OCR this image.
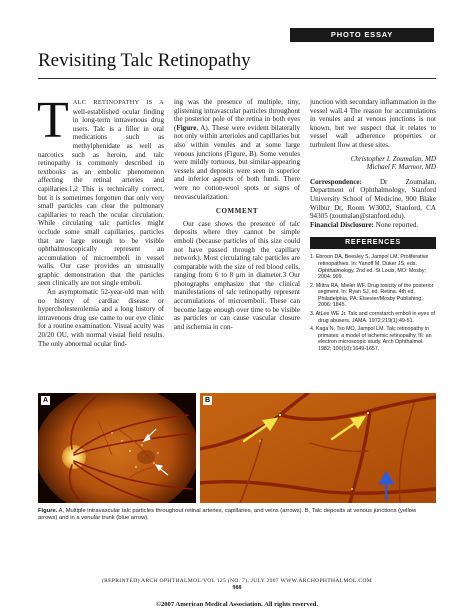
PHOTO ESSAY
Revisiting Talc Retinopathy

TALC RETINOPATHY IS A well-established ocular finding in long-term intravenous drug users. Talc is a filler in oral medications such as methylphenidate as well as narcotics such as heroin, and talc retinopathy is commonly described in textbooks as an embolic phenomenon affecting the retinal arteries and capillaries.1,2 This is technically correct, but it is sometimes forgotten that only very small particles can clear the pulmonary capillaries to reach the ocular circulation. While circulating talc particles might occlude some small capillaries, particles that are large enough to be visible ophthalmoscopically represent an accumulation of microemboli in vessel walls. Our case provides an unusually graphic demonstration that the particles seen clinically are not single emboli.

An asymptomatic 52-year-old man with no history of cardiac disease or hypercholesterolemia and a long history of intravenous drug use came to our eye clinic for a routine examination. Visual acuity was 20/20 OU, with normal visual field results. The only abnormal ocular find-

ing was the presence of multiple, tiny, glistening intravascular particles throughout the posterior pole of the retina in both eyes (Figure, A). These were evident bilaterally not only within arterioles and capillaries but also within venules and at some large venous junctions (Figure, B). Some venules were mildly tortuous, but similar-appearing vessels and deposits were seen in superior and inferior aspects of both fundi. There were no cotton-wool spots or signs of neovascularization.

COMMENT

Our case shows the presence of talc deposits where they cannot be simple emboli (because particles of this size could not have passed through the capillary network). Most circulating talc particles are comparable with the size of red blood cells, ranging from 6 to 8 μm in diameter.3 Our photographs emphasize that the clinical manifestations of talc retinopathy represent accumulations of microemboli. These can become large enough over time to be visible as particles or can cause vascular closure and ischemia in con-

junction with secondary inflammation in the vessel wall.4 The reason for accumulations in venules and at venous junctions is not known, but we suspect that it relates to vessel wall adherence properties or turbulent flow at these sites.

Christopher I. Zoumalan, MD
Michael F. Marmor, MD

Correspondence:	Dr Zoumalan, Department of Ophthalmology, Stanford University School of Medicine, 900 Blake Wilbur Dr, Room W3002, Stanford, CA 94305 (zoumalan@stanford.edu).

Financial Disclosure: None reported.

REFERENCES
1. Ebroon DA, Beesley S, Jampol LM. Proliferative retinopathies. In: Yanoff M, Duker JS, eds. Ophthalmology. 2nd ed. St Louis, MO: Mosby; 2004: 909.
2. Mittra RA, Mieler WF. Drug toxicity of the posterior segment. In: Ryan SJ, ed. Retina. 4th ed. Philadelphia, PA: Elsevier/Mosby Publishing; 2006: 1845.
3. AtLee WE Jr. Talc and cornstarch emboli in eyes of drug abusers. JAMA. 1972;219(1):49-51.
4. Kaga N, Tso MO, Jampol LM. Talc retinopathy in primates: a model of ischemic retinopathy, III: an electron microscopic study. Arch Ophthalmol. 1982; 100(10):1649-1657.
A	B

Figure. A, Multiple intravascular talc particles throughout retinal arteries, capillaries, and veins (arrows). B, Talc deposits at venous junctions (yellow arrows) and in a venular trunk (blue arrow).

(REPRINTED) ARCH OPHTHALMOL/VOL 125 (NO. 7), JULY 2007 WWW.ARCHOPHTHALMOL.COM
988
©2007 American Medical Association. All rights reserved.
